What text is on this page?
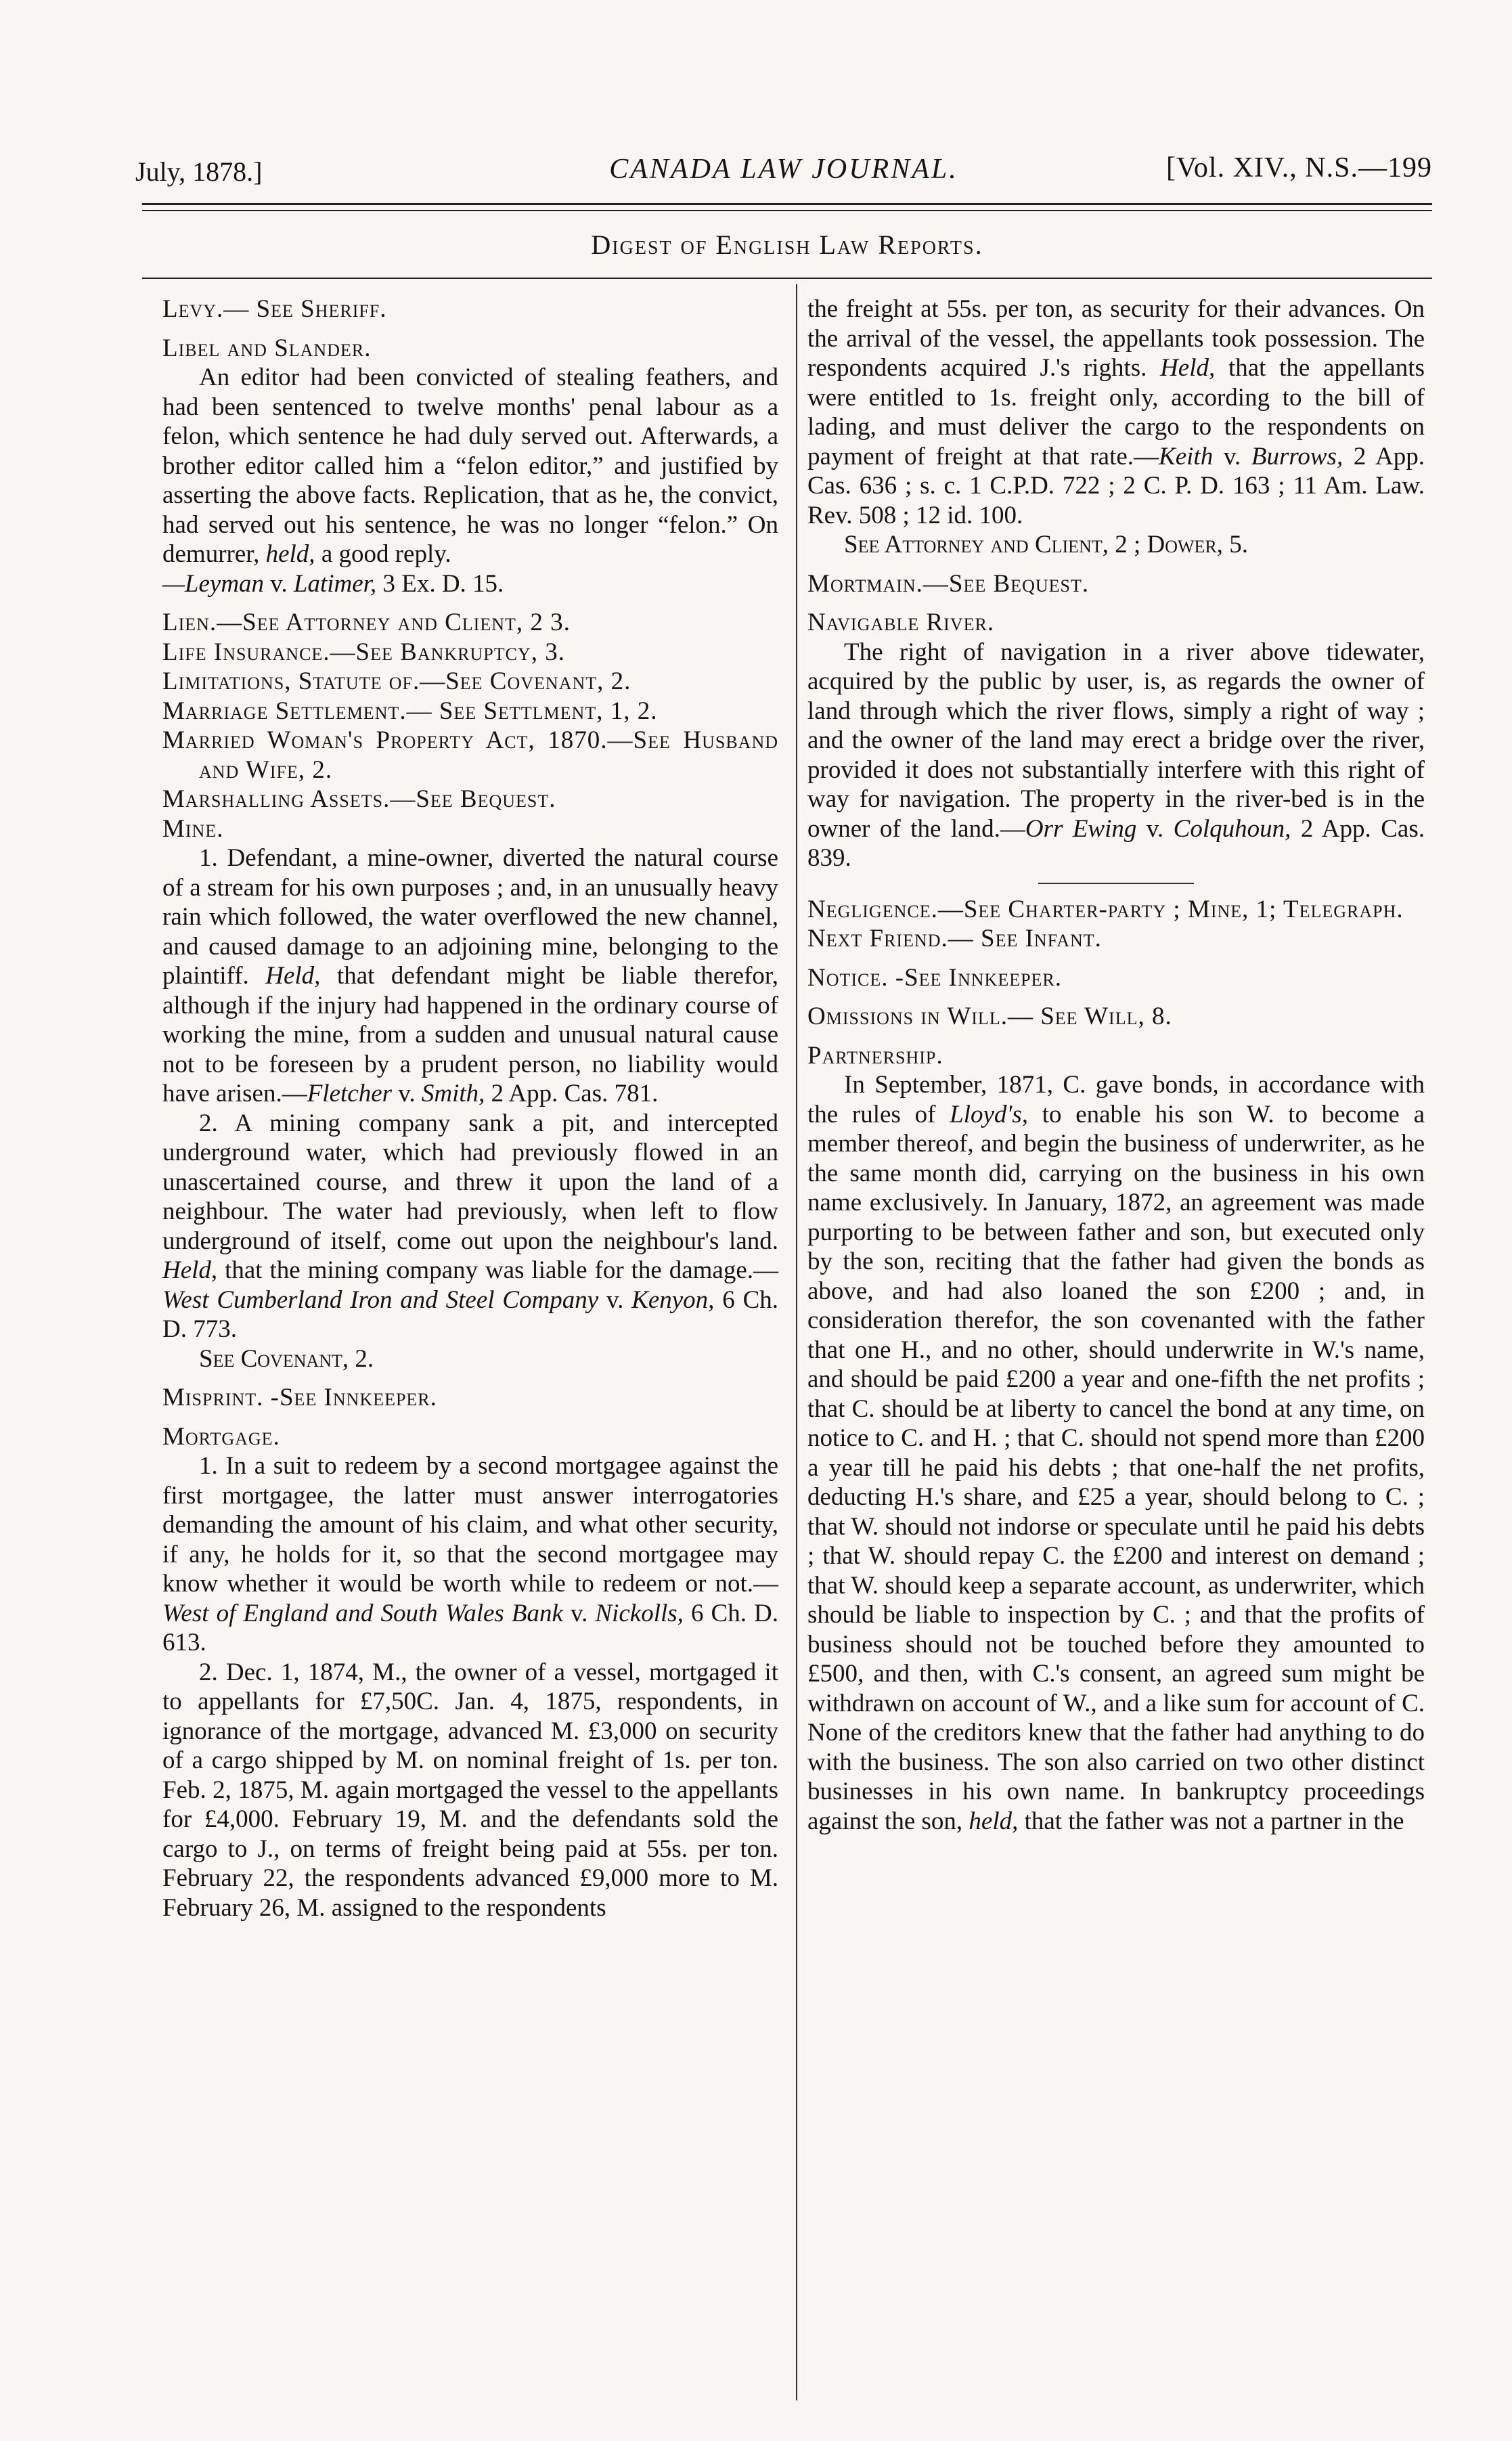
July, 1878.]	CANADA LAW JOURNAL.	[Vol. XIV., N.S.—199
Digest of English Law Reports.
Levy.— See Sheriff.
Libel and Slander.

An editor had been convicted of stealing feathers, and had been sentenced to twelve months' penal labour as a felon, which sentence he had duly served out. Afterwards, a brother editor called him a “felon editor,” and justified by asserting the above facts. Replication, that as he, the convict, had served out his sentence, he was no longer “felon.” On demurrer, held, a good reply.
—Leyman v. Latimer, 3 Ex. D. 15.

Lien.—See Attorney and Client, 2 3.
Life Insurance.—See Bankruptcy, 3.
Limitations, Statute of.—See Covenant, 2.
Marriage Settlement.— See Settlment, 1, 2.
Married Woman's Property Act, 1870.—See Husband and Wife, 2.
Marshalling Assets.—See Bequest.
Mine.

1. Defendant, a mine-owner, diverted the natural course of a stream for his own purposes ; and, in an unusually heavy rain which followed, the water overflowed the new channel, and caused damage to an adjoining mine, belonging to the plaintiff. Held, that defendant might be liable therefor, although if the injury had happened in the ordinary course of working the mine, from a sudden and unusual natural cause not to be foreseen by a prudent person, no liability would have arisen.—Fletcher v. Smith, 2 App. Cas. 781.

2. A mining company sank a pit, and intercepted underground water, which had previously flowed in an unascertained course, and threw it upon the land of a neighbour. The water had previously, when left to flow underground of itself, come out upon the neighbour's land. Held, that the mining company was liable for the damage.— West Cumberland Iron and Steel Company v. Kenyon, 6 Ch. D. 773.

See Covenant, 2.

Misprint. -See Innkeeper.
Mortgage.

1. In a suit to redeem by a second mortgagee against the first mortgagee, the latter must answer interrogatories demanding the amount of his claim, and what other security, if any, he holds for it, so that the second mortgagee may know whether it would be worth while to redeem or not.— West of England and South Wales Bank v. Nickolls, 6 Ch. D. 613.

2. Dec. 1, 1874, M., the owner of a vessel, mortgaged it to appellants for £7,50C. Jan. 4, 1875, respondents, in ignorance of the mortgage, advanced M. £3,000 on security of a cargo shipped by M. on nominal freight of 1s. per ton. Feb. 2, 1875, M. again mortgaged the vessel to the appellants for £4,000. February 19, M. and the defendants sold the cargo to J., on terms of freight being paid at 55s. per ton. February 22, the respondents advanced £9,000 more to M. February 26, M. assigned to the respondents

the freight at 55s. per ton, as security for their advances. On the arrival of the vessel, the appellants took possession. The respondents acquired J.'s rights. Held, that the appellants were entitled to 1s. freight only, according to the bill of lading, and must deliver the cargo to the respondents on payment of freight at that rate.—Keith v. Burrows, 2 App. Cas. 636 ; s. c. 1 C.P.D. 722 ; 2 C. P. D. 163 ; 11 Am. Law. Rev. 508 ; 12 id. 100.

See Attorney and Client, 2 ; Dower, 5.

Mortmain.—See Bequest.
Navigable River.

The right of navigation in a river above tidewater, acquired by the public by user, is, as regards the owner of land through which the river flows, simply a right of way ; and the owner of the land may erect a bridge over the river, provided it does not substantially interfere with this right of way for navigation. The property in the river-bed is in the owner of the land.—Orr Ewing v. Colquhoun, 2 App. Cas. 839.

Negligence.—See Charter-party ; Mine, 1; Telegraph.
Next Friend.— See Infant.
Notice. -See Innkeeper.
Omissions in Will.— See Will, 8.
Partnership.

In September, 1871, C. gave bonds, in accordance with the rules of Lloyd's, to enable his son W. to become a member thereof, and begin the business of underwriter, as he the same month did, carrying on the business in his own name exclusively. In January, 1872, an agreement was made purporting to be between father and son, but executed only by the son, reciting that the father had given the bonds as above, and had also loaned the son £200 ; and, in consideration therefor, the son covenanted with the father that one H., and no other, should underwrite in W.'s name, and should be paid £200 a year and one-fifth the net profits ; that C. should be at liberty to cancel the bond at any time, on notice to C. and H. ; that C. should not spend more than £200 a year till he paid his debts ; that one-half the net profits, deducting H.'s share, and £25 a year, should belong to C. ; that W. should not indorse or speculate until he paid his debts ; that W. should repay C. the £200 and interest on demand ; that W. should keep a separate account, as underwriter, which should be liable to inspection by C. ; and that the profits of business should not be touched before they amounted to £500, and then, with C.'s consent, an agreed sum might be withdrawn on account of W., and a like sum for account of C. None of the creditors knew that the father had anything to do with the business. The son also carried on two other distinct businesses in his own name. In bankruptcy proceedings against the son, held, that the father was not a partner in the
